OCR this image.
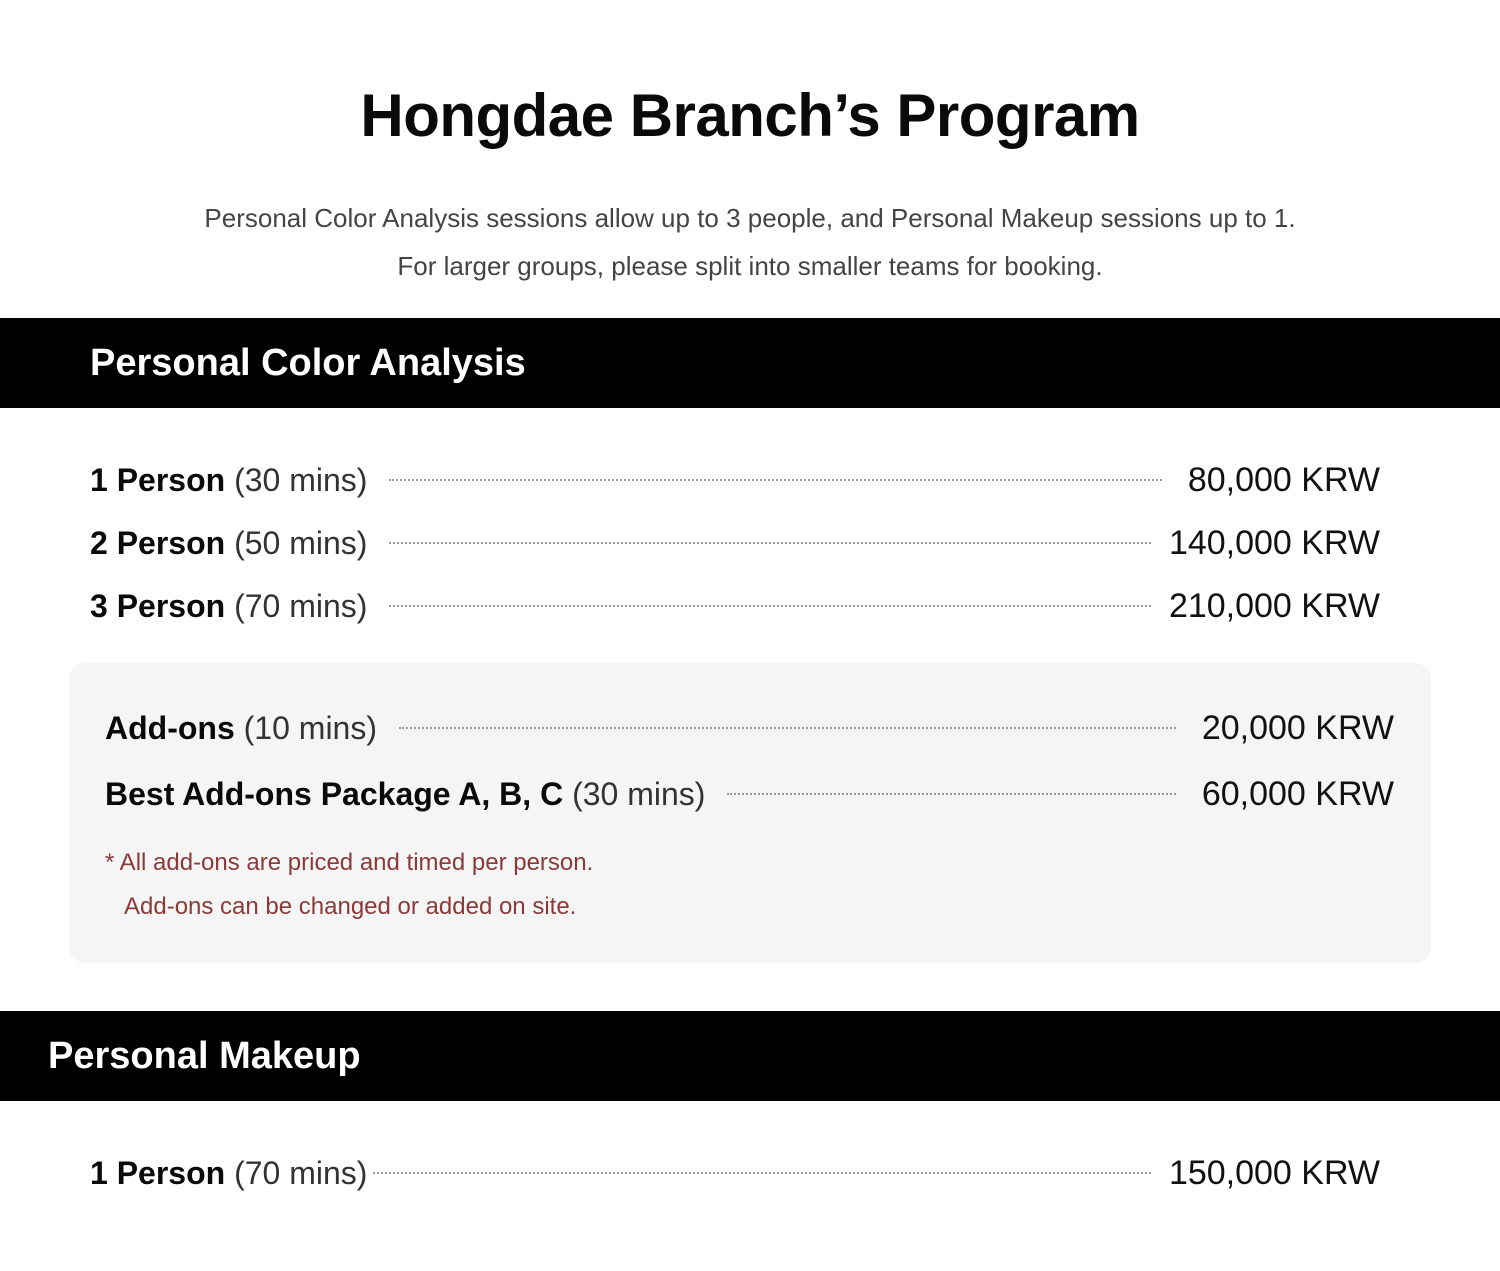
Hongdae Branch’s Program
Personal Color Analysis sessions allow up to 3 people, and Personal Makeup sessions up to 1.
For larger groups, please split into smaller teams for booking.
Personal Color Analysis
1 Person (30 mins)	80,000 KRW
2 Person (50 mins)	140,000 KRW
3 Person (70 mins)	210,000 KRW
Add-ons (10 mins)	20,000 KRW
Best Add-ons Package A, B, C (30 mins)	60,000 KRW
* All add-ons are priced and timed per person.
Add-ons can be changed or added on site.
Personal Makeup
1 Person (70 mins)	150,000 KRW
